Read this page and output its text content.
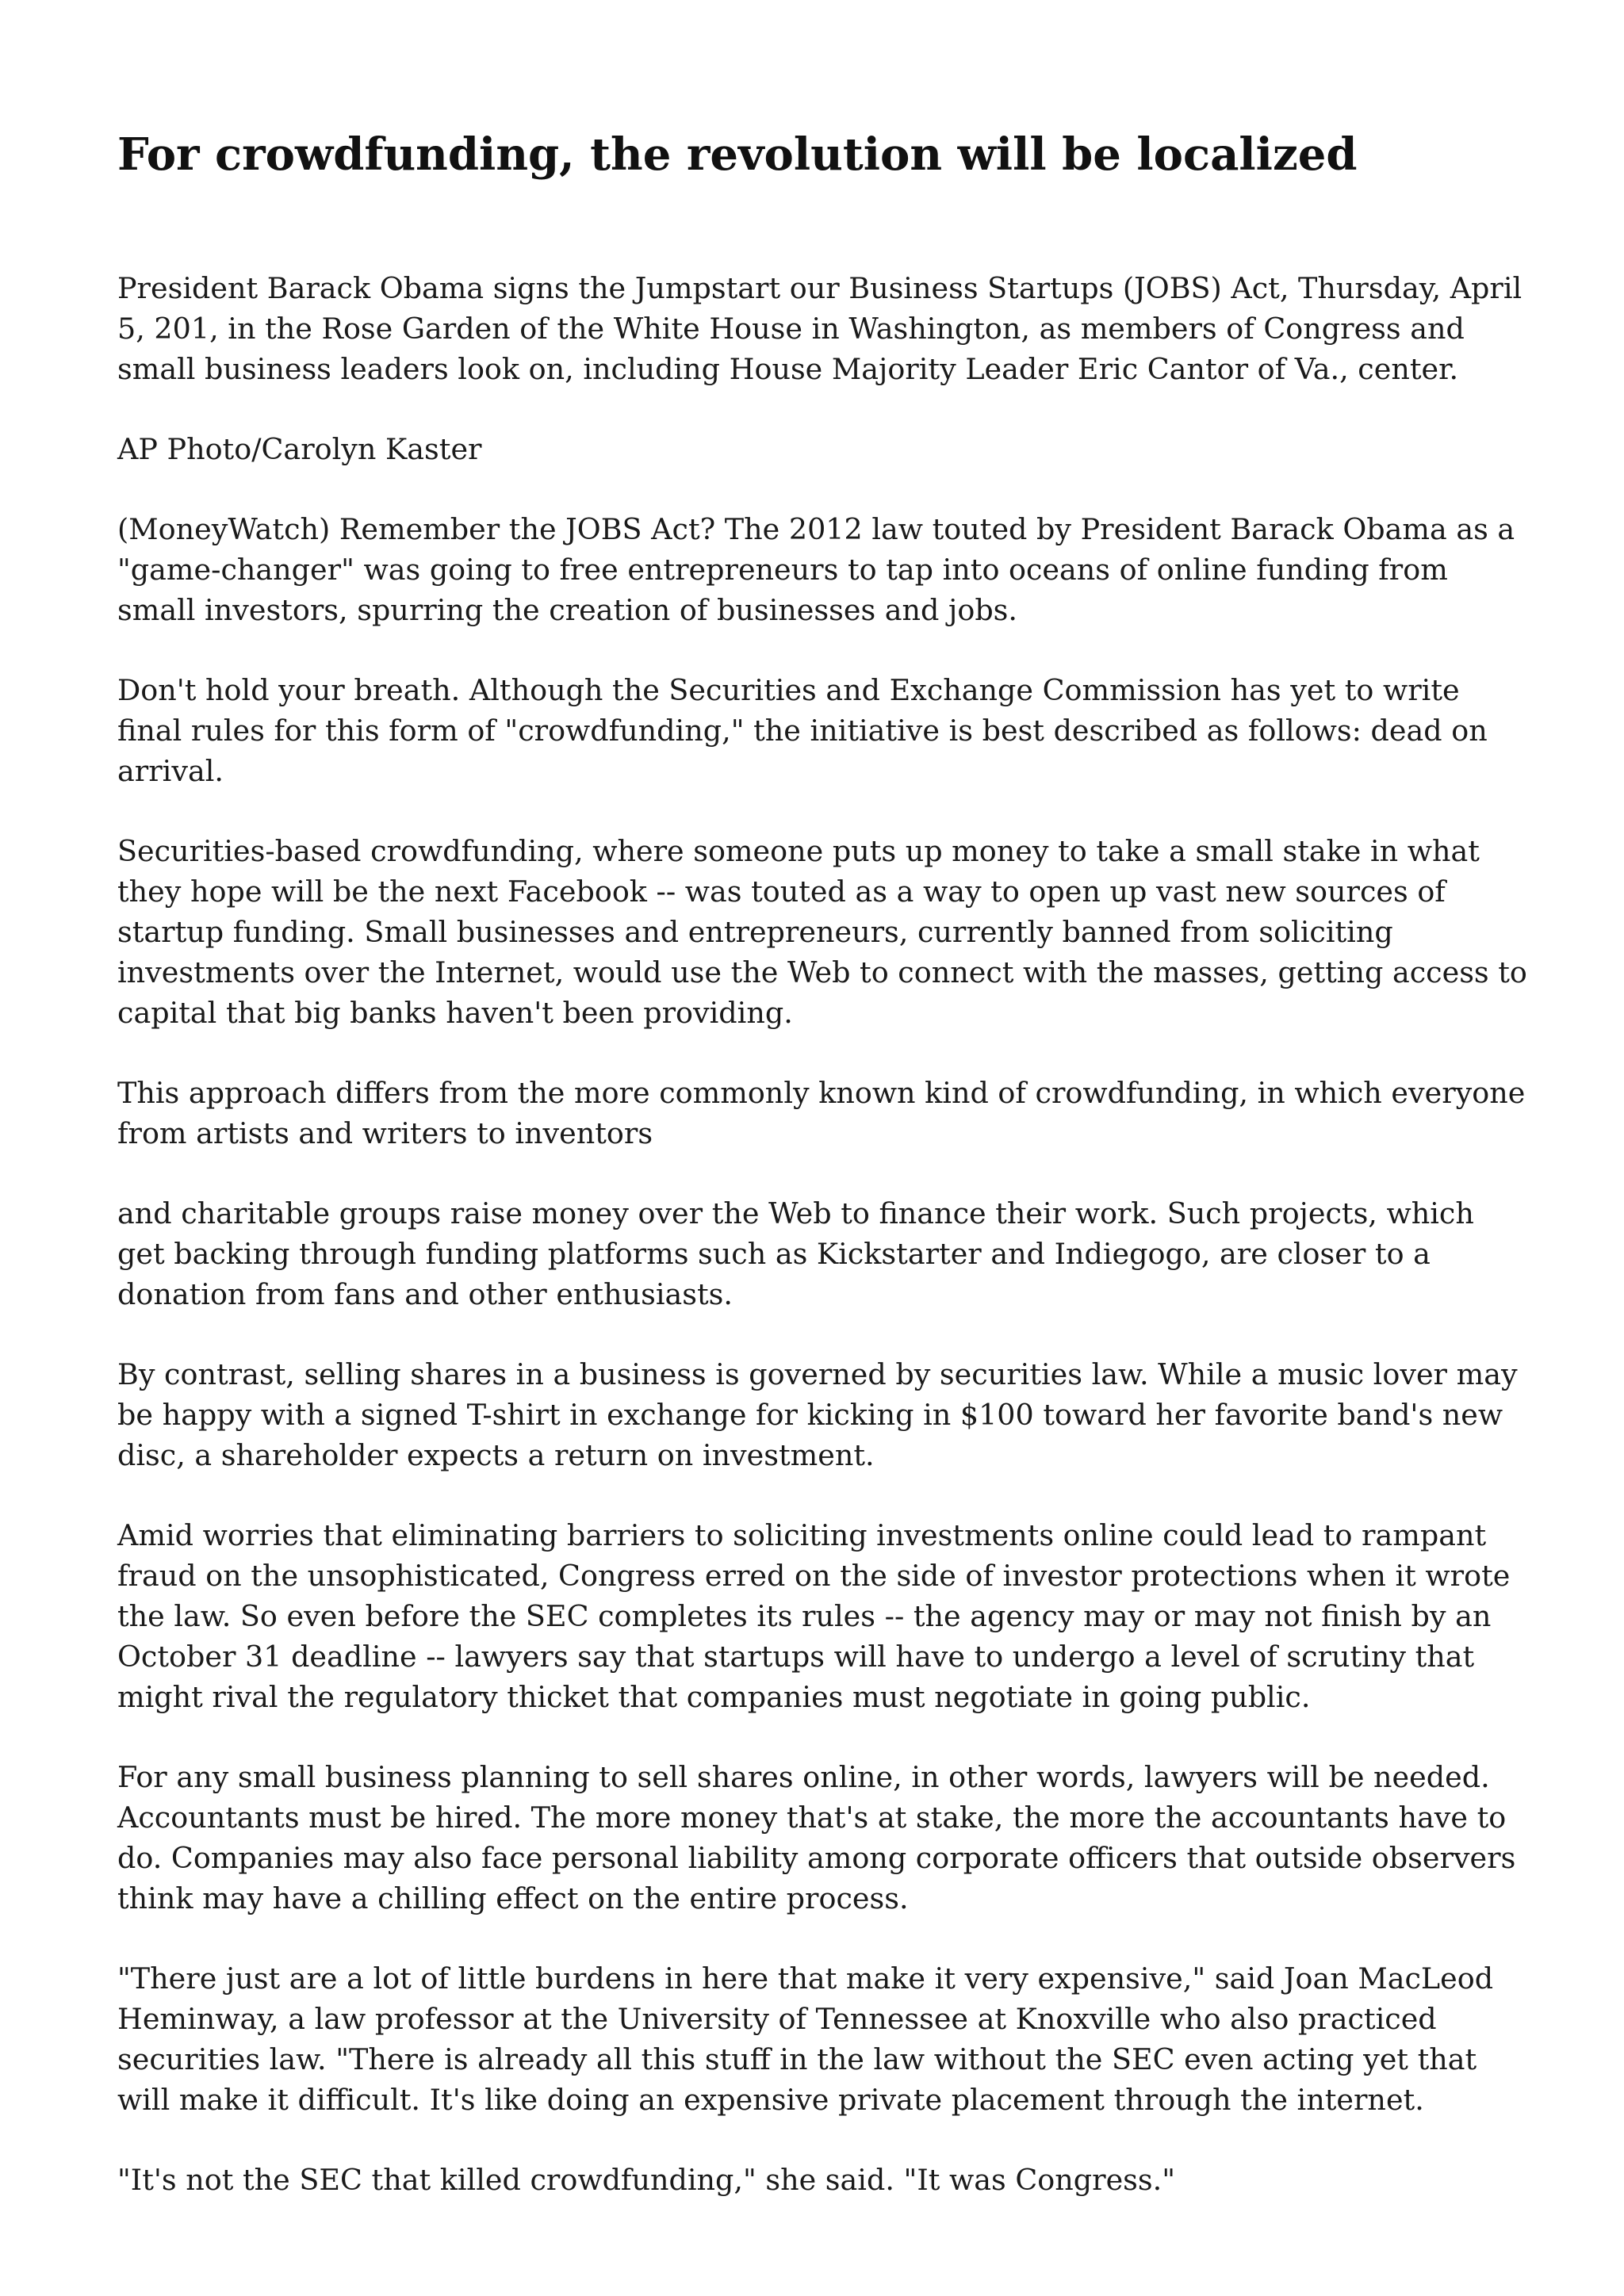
For crowdfunding, the revolution will be localized

President Barack Obama signs the Jumpstart our Business Startups (JOBS) Act, Thursday, April 5, 201, in the Rose Garden of the White House in Washington, as members of Congress and small business leaders look on, including House Majority Leader Eric Cantor of Va., center.

AP Photo/Carolyn Kaster

(MoneyWatch) Remember the JOBS Act? The 2012 law touted by President Barack Obama as a "game-changer" was going to free entrepreneurs to tap into oceans of online funding from small investors, spurring the creation of businesses and jobs.

Don't hold your breath. Although the Securities and Exchange Commission has yet to write final rules for this form of "crowdfunding," the initiative is best described as follows: dead on arrival.

Securities-based crowdfunding, where someone puts up money to take a small stake in what they hope will be the next Facebook -- was touted as a way to open up vast new sources of startup funding. Small businesses and entrepreneurs, currently banned from soliciting investments over the Internet, would use the Web to connect with the masses, getting access to capital that big banks haven't been providing.

This approach differs from the more commonly known kind of crowdfunding, in which everyone from artists and writers to inventors

and charitable groups raise money over the Web to finance their work. Such projects, which get backing through funding platforms such as Kickstarter and Indiegogo, are closer to a donation from fans and other enthusiasts.

By contrast, selling shares in a business is governed by securities law. While a music lover may be happy with a signed T-shirt in exchange for kicking in $100 toward her favorite band's new disc, a shareholder expects a return on investment.

Amid worries that eliminating barriers to soliciting investments online could lead to rampant fraud on the unsophisticated, Congress erred on the side of investor protections when it wrote the law. So even before the SEC completes its rules -- the agency may or may not finish by an October 31 deadline -- lawyers say that startups will have to undergo a level of scrutiny that might rival the regulatory thicket that companies must negotiate in going public.

For any small business planning to sell shares online, in other words, lawyers will be needed. Accountants must be hired. The more money that's at stake, the more the accountants have to do. Companies may also face personal liability among corporate officers that outside observers think may have a chilling effect on the entire process.

"There just are a lot of little burdens in here that make it very expensive," said Joan MacLeod Heminway, a law professor at the University of Tennessee at Knoxville who also practiced securities law. "There is already all this stuff in the law without the SEC even acting yet that will make it difficult. It's like doing an expensive private placement through the internet.

"It's not the SEC that killed crowdfunding," she said. "It was Congress."
